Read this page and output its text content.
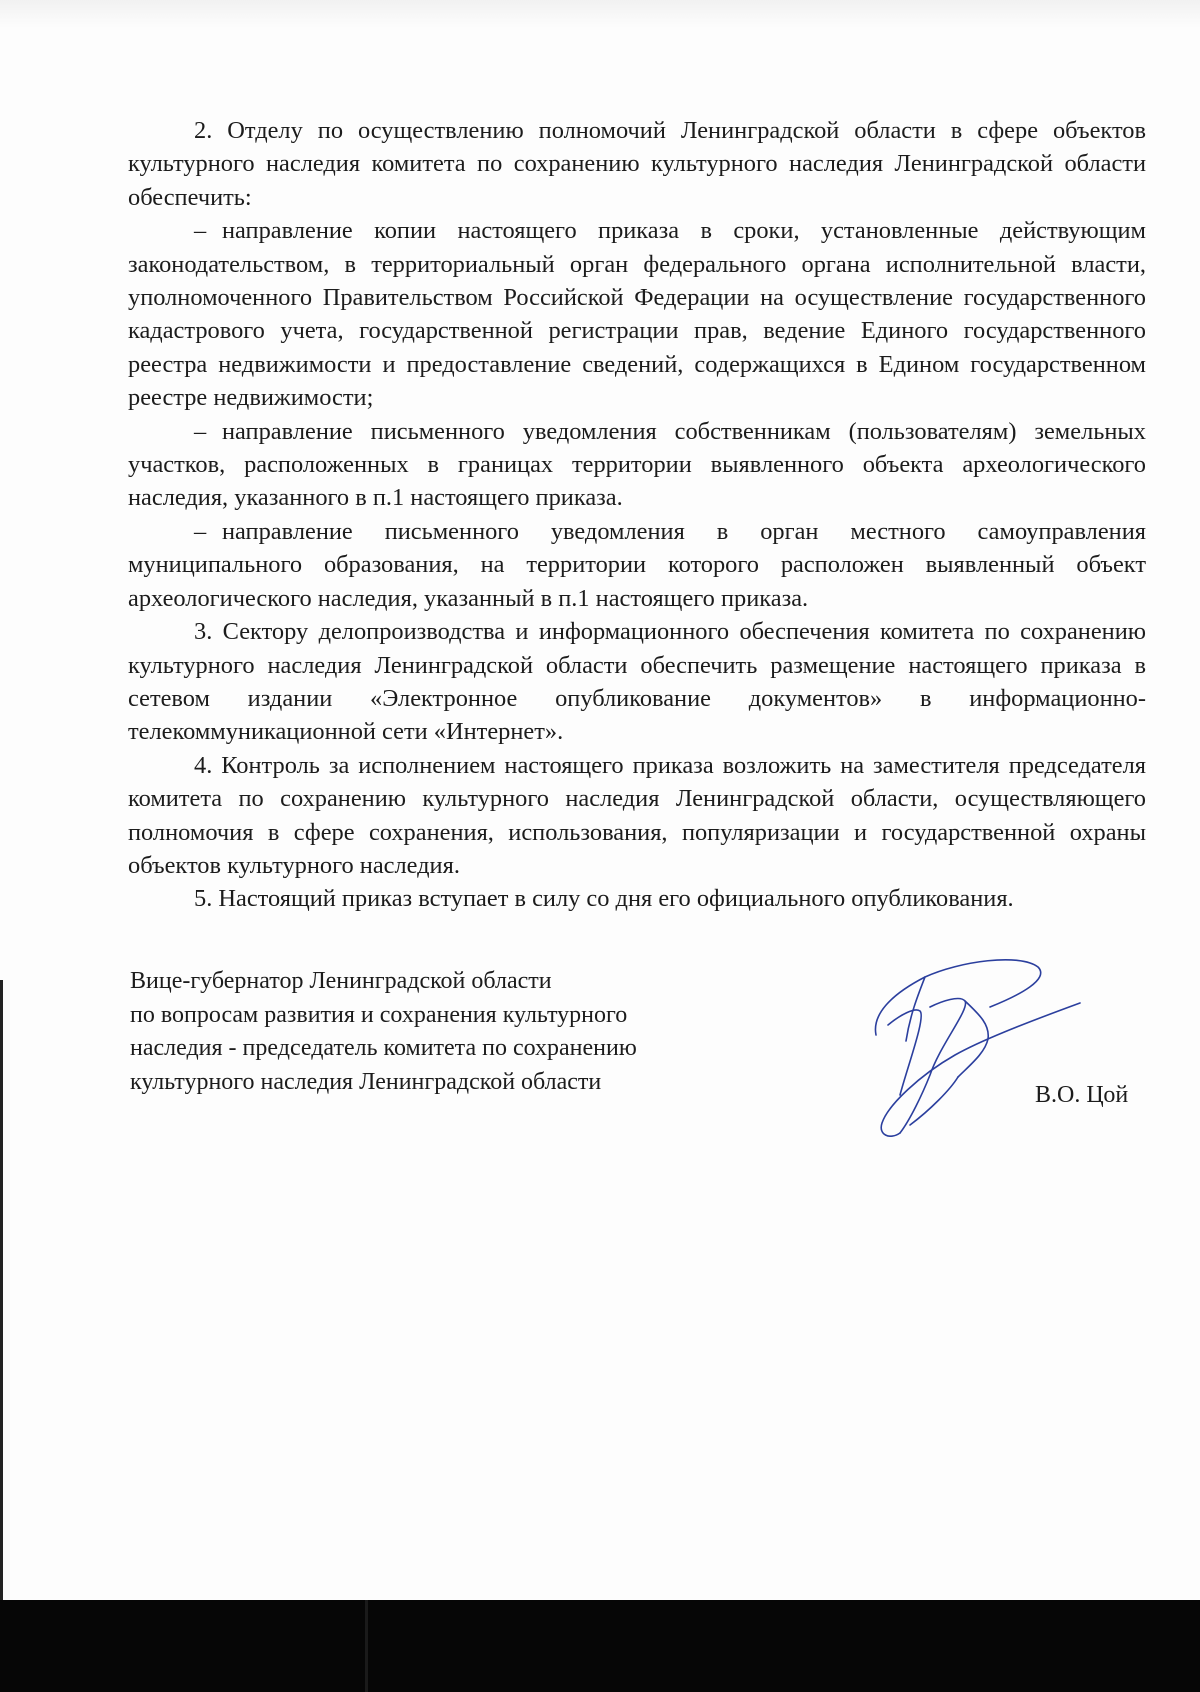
2. Отделу по осуществлению полномочий Ленинградской области в сфере объектов культурного наследия комитета по сохранению культурного наследия Ленинградской области обеспечить:

– направление копии настоящего приказа в сроки, установленные действующим законодательством, в территориальный орган федерального органа исполнительной власти, уполномоченного Правительством Российской Федерации на осуществление государственного кадастрового учета, государственной регистрации прав, ведение Единого государственного реестра недвижимости и предоставление сведений, содержащихся в Едином государственном реестре недвижимости;

– направление письменного уведомления собственникам (пользователям) земельных участков, расположенных в границах территории выявленного объекта археологического наследия, указанного в п.1 настоящего приказа.

– направление письменного уведомления в орган местного самоуправления муниципального образования, на территории которого расположен выявленный объект археологического наследия, указанный в п.1 настоящего приказа.

3. Сектору делопроизводства и информационного обеспечения комитета по сохранению культурного наследия Ленинградской области обеспечить размещение настоящего приказа в сетевом издании «Электронное опубликование документов» в информационно-телекоммуникационной сети «Интернет».

4. Контроль за исполнением настоящего приказа возложить на заместителя председателя комитета по сохранению культурного наследия Ленинградской области, осуществляющего полномочия в сфере сохранения, использования, популяризации и государственной охраны объектов культурного наследия.

5. Настоящий приказ вступает в силу со дня его официального опубликования.

Вице-губернатор Ленинградской области
по вопросам развития и сохранения культурного
наследия - председатель комитета по сохранению
культурного наследия Ленинградской области
В.О. Цой
